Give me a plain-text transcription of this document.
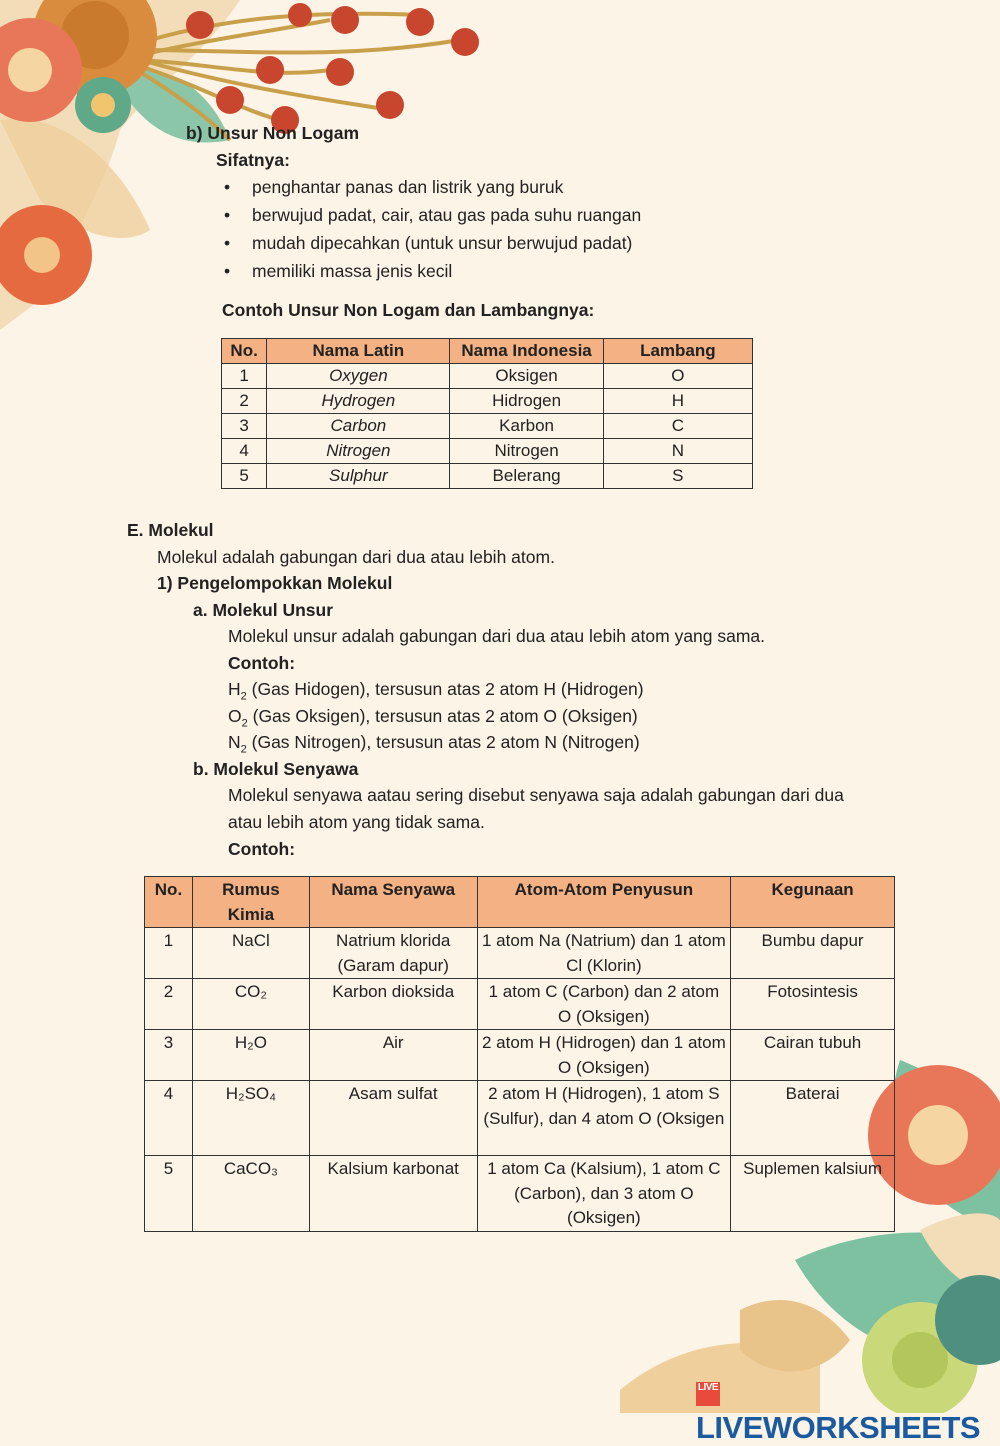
b) Unsur Non Logam
Sifatnya:
• penghantar panas dan listrik yang buruk
• berwujud padat, cair, atau gas pada suhu ruangan
• mudah dipecahkan (untuk unsur berwujud padat)
• memiliki massa jenis kecil
Contoh Unsur Non Logam dan Lambangnya:
No.	Nama Latin	Nama Indonesia	Lambang
1	Oxygen	Oksigen	O
2	Hydrogen	Hidrogen	H
3	Carbon	Karbon	C
4	Nitrogen	Nitrogen	N
5	Sulphur	Belerang	S
E. Molekul
Molekul adalah gabungan dari dua atau lebih atom.
1) Pengelompokkan Molekul
a. Molekul Unsur
Molekul unsur adalah gabungan dari dua atau lebih atom yang sama.
Contoh:
$H_2$ (Gas Hidogen), tersusun atas 2 atom H (Hidrogen)
$O_2$ (Gas Oksigen), tersusun atas 2 atom O (Oksigen)
$N_2$ (Gas Nitrogen), tersusun atas 2 atom N (Nitrogen)
b. Molekul Senyawa
Molekul senyawa aatau sering disebut senyawa saja adalah gabungan dari dua
atau lebih atom yang tidak sama.
Contoh:
No.	Rumus Kimia	Nama Senyawa	Atom-Atom Penyusun	Kegunaan
1	NaCl	Natrium klorida (Garam dapur)	1 atom Na (Natrium) dan 1 atom Cl (Klorin)	Bumbu dapur
2	CO₂	Karbon dioksida	1 atom C (Carbon) dan 2 atom O (Oksigen)	Fotosintesis
3	H₂O	Air	2 atom H (Hidrogen) dan 1 atom O (Oksigen)	Cairan tubuh
4	H₂SO₄	Asam sulfat	2 atom H (Hidrogen), 1 atom S (Sulfur), dan 4 atom O (Oksigen	Baterai
5	CaCO₃	Kalsium karbonat	1 atom Ca (Kalsium), 1 atom C (Carbon), dan 3 atom O (Oksigen)	Suplemen kalsium
LIVELIVEWORKSHEETS
